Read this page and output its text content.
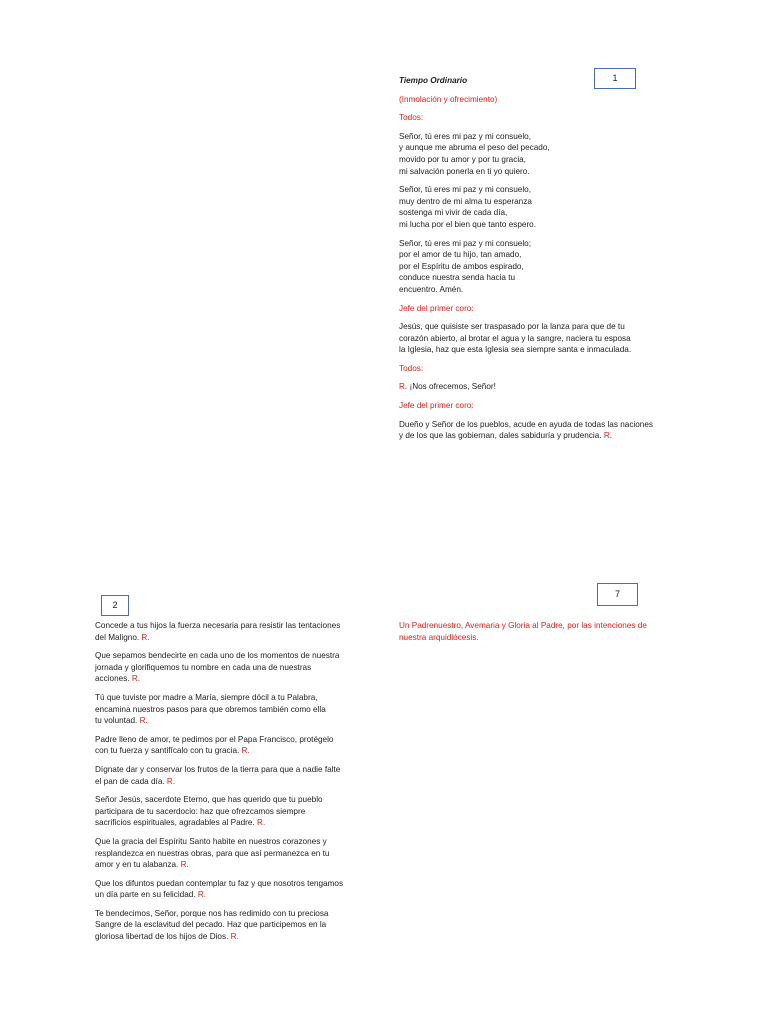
1
2
7
Tiempo Ordinario
(Inmolación y ofrecimiento)
Todos:
Señor, tú eres mi paz y mi consuelo,
y aunque me abruma el peso del pecado,
movido por tu amor y por tu gracia,
mi salvación ponerla en ti yo quiero.
Señor, tú eres mi paz y mi consuelo,
muy dentro de mi alma tu esperanza
sostenga mi vivir de cada día,
mi lucha por el bien que tanto espero.
Señor, tú eres mi paz y mi consuelo;
por el amor de tu hijo, tan amado,
por el Espíritu de ambos espirado,
conduce nuestra senda hacia tu
encuentro. Amén.
Jefe del primer coro:
Jesús, que quisiste ser traspasado por la lanza para que de tu
corazón abierto, al brotar el agua y la sangre, naciera tu esposa
la Iglesia, haz que esta Iglesia sea siempre santa e inmaculada.
Todos:
R. ¡Nos ofrecemos, Señor!
Jefe del primer coro:
Dueño y Señor de los pueblos, acude en ayuda de todas las naciones
y de los que las gobiernan, dales sabiduría y prudencia. R.
Concede a tus hijos la fuerza necesaria para resistir las tentaciones
del Maligno. R.
Que sepamos bendecirte en cada uno de los momentos de nuestra
jornada y glorifiquemos tu nombre en cada una de nuestras
acciones. R.
Tú que tuviste por madre a María, siempre dócil a tu Palabra,
encamina nuestros pasos para que obremos también como ella
tu voluntad. R.
Padre lleno de amor, te pedimos por el Papa Francisco, protégelo
con tu fuerza y santifícalo con tu gracia. R.
Dígnate dar y conservar los frutos de la tierra para que a nadie falte
el pan de cada día. R.
Señor Jesús, sacerdote Eterno, que has querido que tu pueblo
participara de tu sacerdocio: haz que ofrezcamos siempre
sacrificios espirituales, agradables al Padre. R.
Que la gracia del Espíritu Santo habite en nuestros corazones y
resplandezca en nuestras obras, para que así permanezca en tu
amor y en tu alabanza. R.
Que los difuntos puedan contemplar tu faz y que nosotros tengamos
un día parte en su felicidad. R.
Te bendecimos, Señor, porque nos has redimido con tu preciosa
Sangre de la esclavitud del pecado. Haz que participemos en la
gloriosa libertad de los hijos de Dios. R.
Un Padrenuestro, Avemaria y Gloria al Padre, por las intenciones de
nuestra arquidiócesis.
